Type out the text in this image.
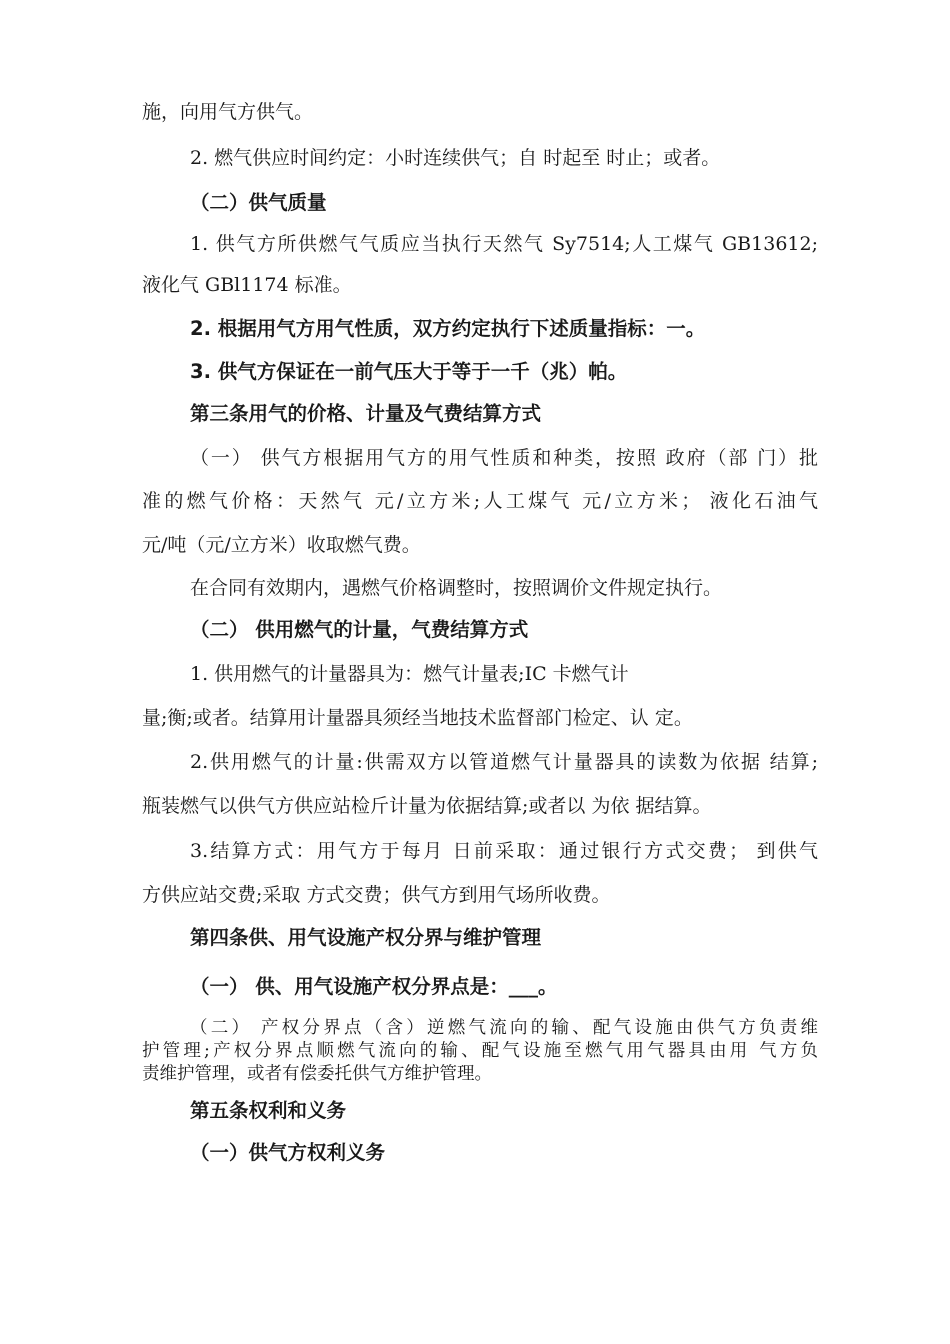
施，向用气方供气。

2. 燃气供应时间约定：小时连续供气；自 时起至 时止；或者。

（二）供气质量

1. 供气方所供燃气气质应当执行天然气 Sy7514;人工煤气 GB13612;

液化气 GBl1174 标准。

2. 根据用气方用气性质，双方约定执行下述质量指标：一。

3. 供气方保证在一前气压大于等于一千（兆）帕。

第三条用气的价格、计量及气费结算方式

（一） 供气方根据用气方的用气性质和种类，按照 政府（部 门）批

准的燃气价格：天然气 元/立方米;人工煤气 元/立方米； 液化石油气

元/吨（元/立方米）收取燃气费。

在合同有效期内，遇燃气价格调整时，按照调价文件规定执行。

（二） 供用燃气的计量，气费结算方式

1. 供用燃气的计量器具为：燃气计量表;IC 卡燃气计

量;衡;或者。结算用计量器具须经当地技术监督部门检定、认 定。

2.供用燃气的计量:供需双方以管道燃气计量器具的读数为依据 结算;

瓶装燃气以供气方供应站检斤计量为依据结算;或者以 为依 据结算。

3.结算方式：用气方于每月 日前采取：通过银行方式交费； 到供气

方供应站交费;采取 方式交费；供气方到用气场所收费。

第四条供、用气设施产权分界与维护管理

（一） 供、用气设施产权分界点是：___。

（二） 产权分界点（含）逆燃气流向的输、配气设施由供气方负责维

护管理;产权分界点顺燃气流向的输、配气设施至燃气用气器具由用 气方负

责维护管理，或者有偿委托供气方维护管理。

第五条权利和义务

（一）供气方权利义务
